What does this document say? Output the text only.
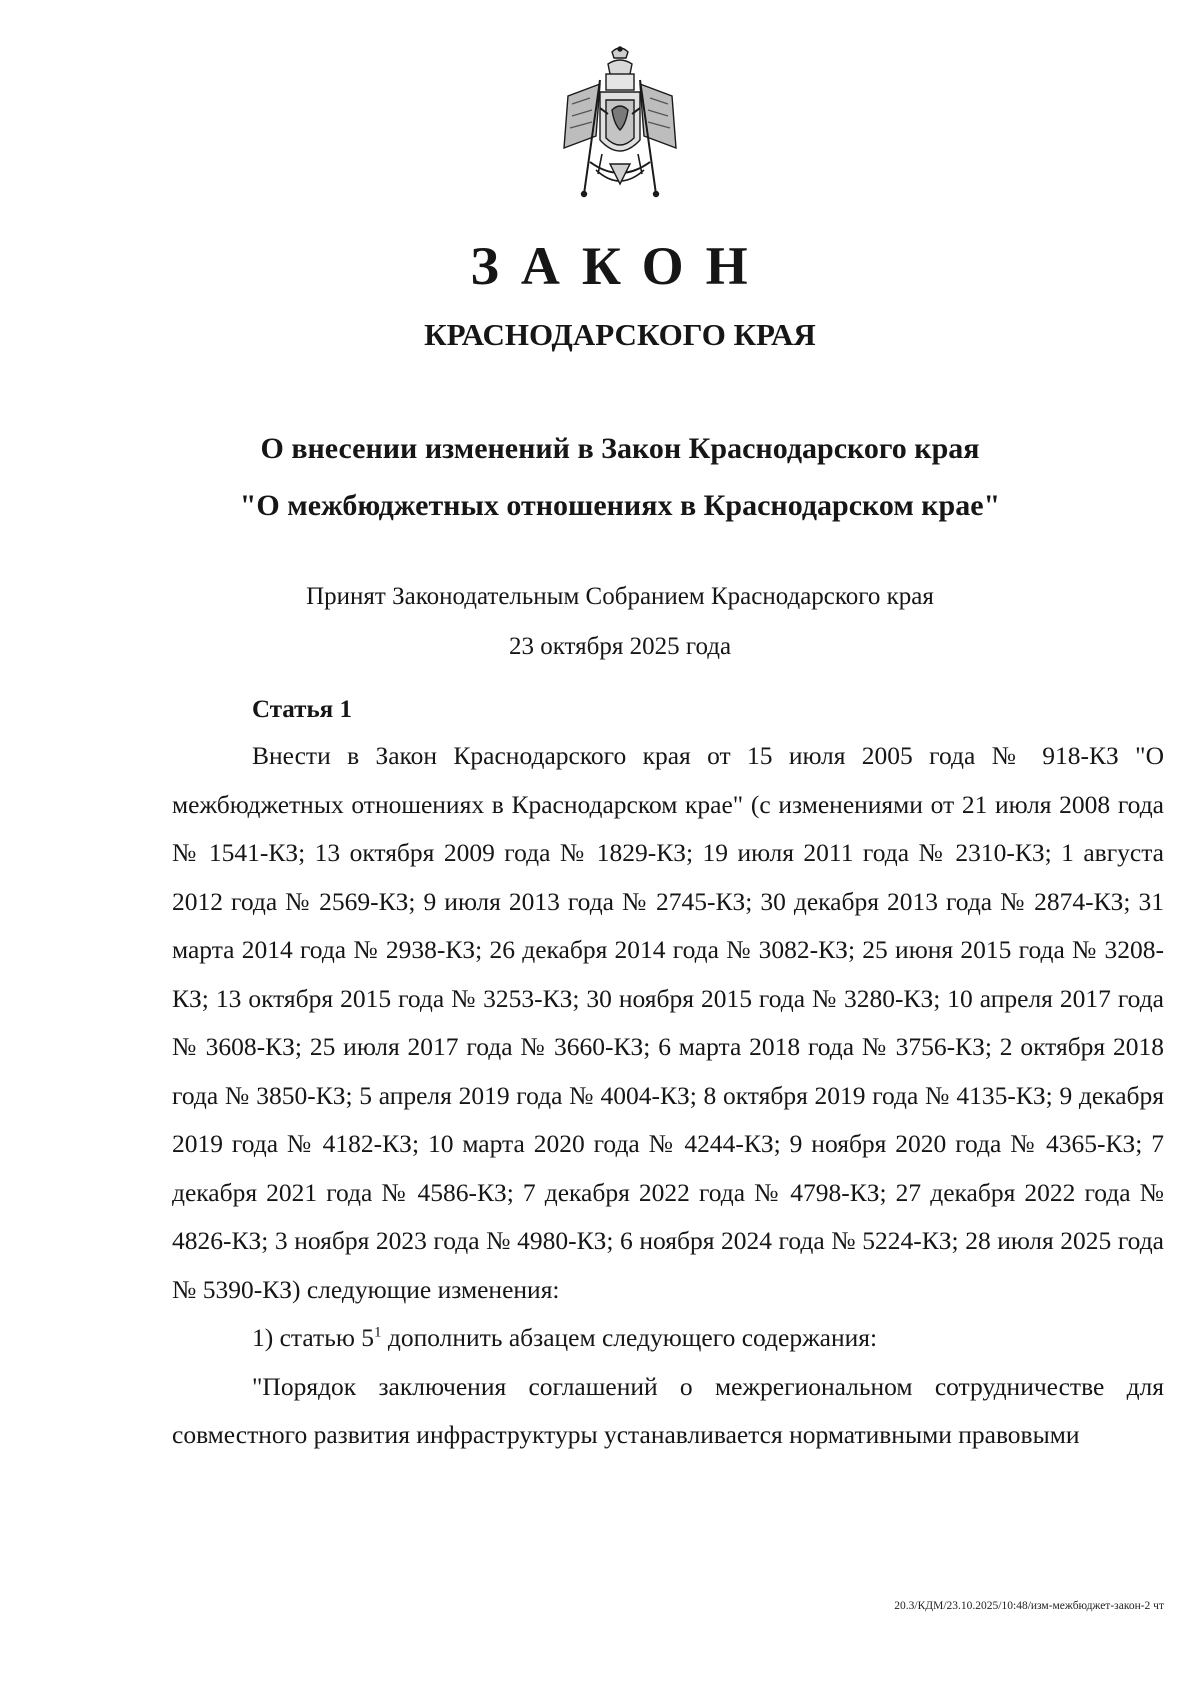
ЗАКОН
КРАСНОДАРСКОГО КРАЯ
О внесении изменений в Закон Краснодарского края
"О межбюджетных отношениях в Краснодарском крае"
Принят Законодательным Собранием Краснодарского края
23 октября 2025 года
Статья 1

Внести в Закон Краснодарского края от 15 июля 2005 года № 918-КЗ "О межбюджетных отношениях в Краснодарском крае" (с изменениями от 21 июля 2008 года № 1541-КЗ; 13 октября 2009 года № 1829-КЗ; 19 июля 2011 года № 2310-КЗ; 1 августа 2012 года № 2569-КЗ; 9 июля 2013 года № 2745-КЗ; 30 декабря 2013 года № 2874-КЗ; 31 марта 2014 года № 2938-КЗ; 26 декабря 2014 года № 3082-КЗ; 25 июня 2015 года № 3208-КЗ; 13 октября 2015 года № 3253-КЗ; 30 ноября 2015 года № 3280-КЗ; 10 апреля 2017 года № 3608-КЗ; 25 июля 2017 года № 3660-КЗ; 6 марта 2018 года № 3756-КЗ; 2 октября 2018 года № 3850-КЗ; 5 апреля 2019 года № 4004-КЗ; 8 октября 2019 года № 4135-КЗ; 9 декабря 2019 года № 4182-КЗ; 10 марта 2020 года № 4244-КЗ; 9 ноября 2020 года № 4365-КЗ; 7 декабря 2021 года № 4586-КЗ; 7 декабря 2022 года № 4798-КЗ; 27 декабря 2022 года № 4826-КЗ; 3 ноября 2023 года № 4980-КЗ; 6 ноября 2024 года № 5224-КЗ; 28 июля 2025 года № 5390-КЗ) следующие изменения:

1) статью $5^1$ дополнить абзацем следующего содержания:

"Порядок заключения соглашений о межрегиональном сотрудничестве для совместного развития инфраструктуры устанавливается нормативными правовыми

20.3/КДМ/23.10.2025/10:48/изм-межбюджет-закон-2 чт
